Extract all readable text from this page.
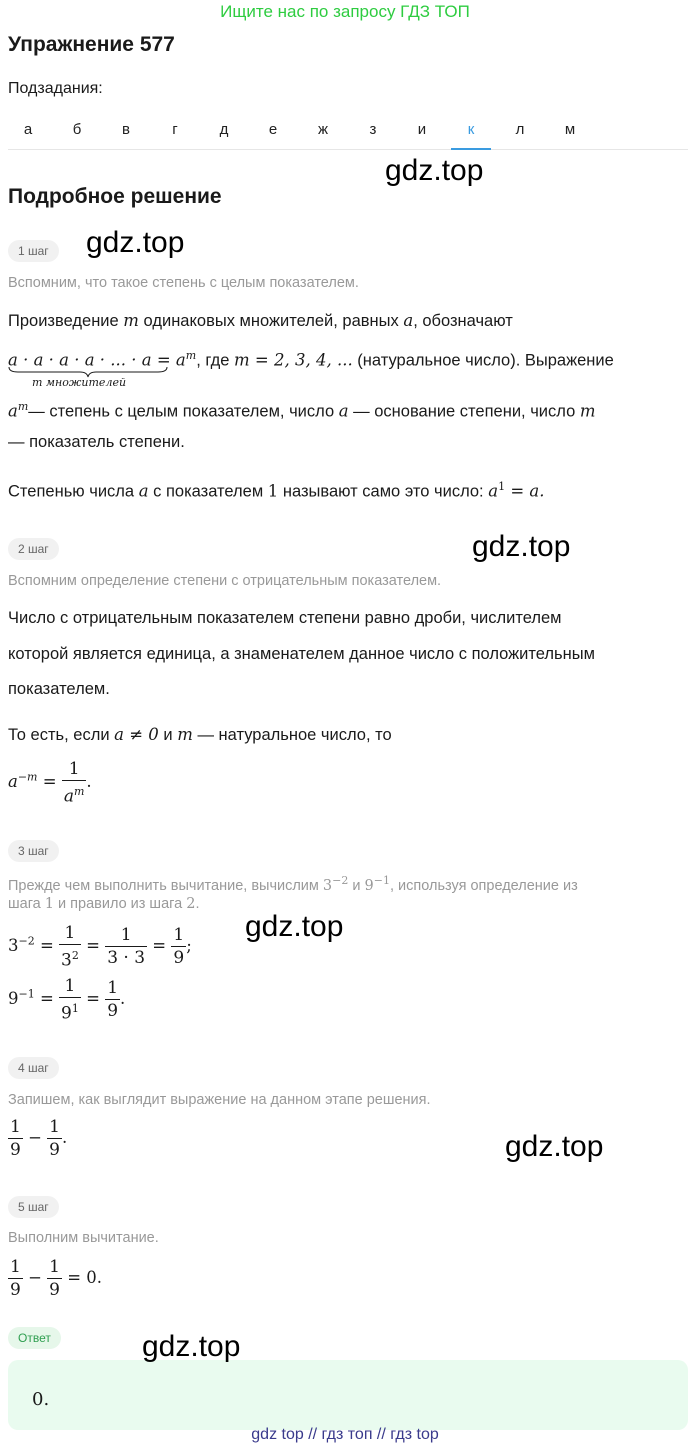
Ищите нас по запросу ГДЗ ТОП
Упражнение 577
Подзадания:
а	б	в	г	д	е	ж	з	и	к	л	м
gdz.top
Подробное решение
1 шаг	gdz.top
Вспомним, что такое степень с целым показателем.
Произведение m одинаковых множителей, равных a, обозначают
a · a · a · a · ... · $a = a^m$, где m = 2, 3, 4, ... (натуральное число). Выражение
m множителей
$a^m—$ степень с целым показателем, число a — основание степени, число m
— показатель степени.
Степенью числа a с показателем 1 называют само это число: $a^1 = a$.
2 шаг	gdz.top
Вспомним определение степени с отрицательным показателем.
Число с отрицательным показателем степени равно дроби, числителем
которой является единица, а знаменателем данное число с положительным
показателем.
То есть, если a ≠ 0 и m — натуральное число, то
$a^{-m} = \frac{1}{a^m}$ .
3 шаг
Прежде чем выполнить вычитание, вычислим $3^{-2}$ и $9^{-1}$, используя определение из
шага 1 и правило из шага 2.
gdz.top
$3^{-2} = \frac{1}{3^2} = \frac{1}{3 \cdot 3} = \frac{1}{9}$ ;
$9^{-1} = \frac{1}{9^1} = \frac{1}{9}$ .
4 шаг
Запишем, как выглядит выражение на данном этапе решения.
$\frac{1}{9} - \frac{1}{9}$ .	gdz.top
5 шаг
Выполним вычитание.
$\frac{1}{9} - \frac{1}{9} = 0$.
Ответ	gdz.top
0.
gdz top // гдз топ // гдз top
